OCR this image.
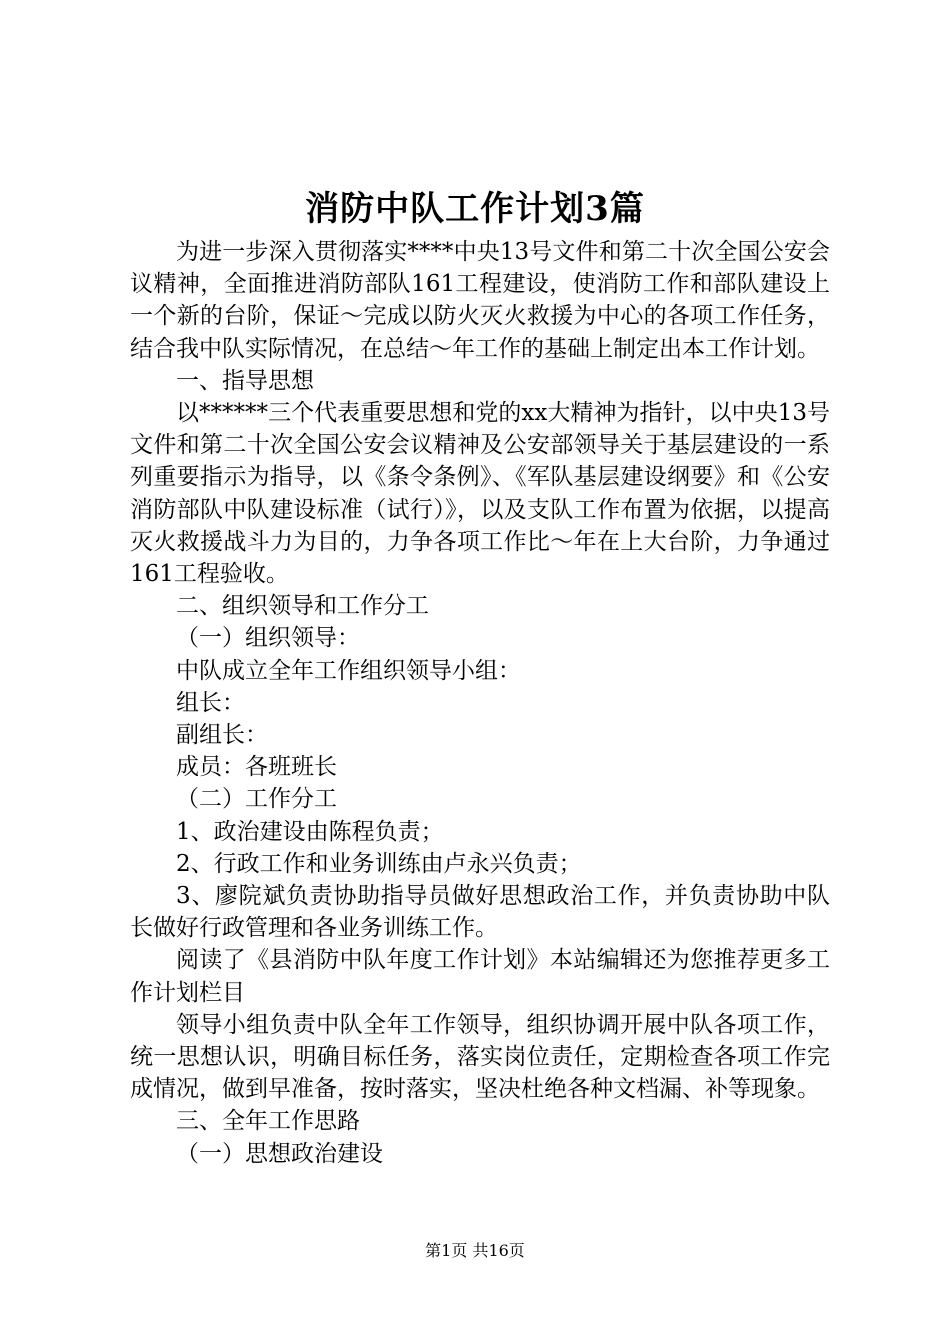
消防中队工作计划3篇

为进一步深入贯彻落实****中央13号文件和第二十次全国公安会议精神，全面推进消防部队161工程建设，使消防工作和部队建设上一个新的台阶，保证～完成以防火灭火救援为中心的各项工作任务，结合我中队实际情况，在总结～年工作的基础上制定出本工作计划。

一、指导思想

以******三个代表重要思想和党的xx大精神为指针，以中央13号文件和第二十次全国公安会议精神及公安部领导关于基层建设的一系列重要指示为指导，以《条令条例》、《军队基层建设纲要》和《公安消防部队中队建设标准（试行）》，以及支队工作布置为依据，以提高灭火救援战斗力为目的，力争各项工作比～年在上大台阶，力争通过161工程验收。

二、组织领导和工作分工

（一）组织领导：

中队成立全年工作组织领导小组：

组长：

副组长：

成员：各班班长

（二）工作分工

1、政治建设由陈程负责；

2、行政工作和业务训练由卢永兴负责；

3、廖院斌负责协助指导员做好思想政治工作，并负责协助中队长做好行政管理和各业务训练工作。

阅读了《县消防中队年度工作计划》本站编辑还为您推荐更多工作计划栏目

领导小组负责中队全年工作领导，组织协调开展中队各项工作，统一思想认识，明确目标任务，落实岗位责任，定期检查各项工作完成情况，做到早准备，按时落实，坚决杜绝各种文档漏、补等现象。

三、全年工作思路

（一）思想政治建设

第1页 共16页
